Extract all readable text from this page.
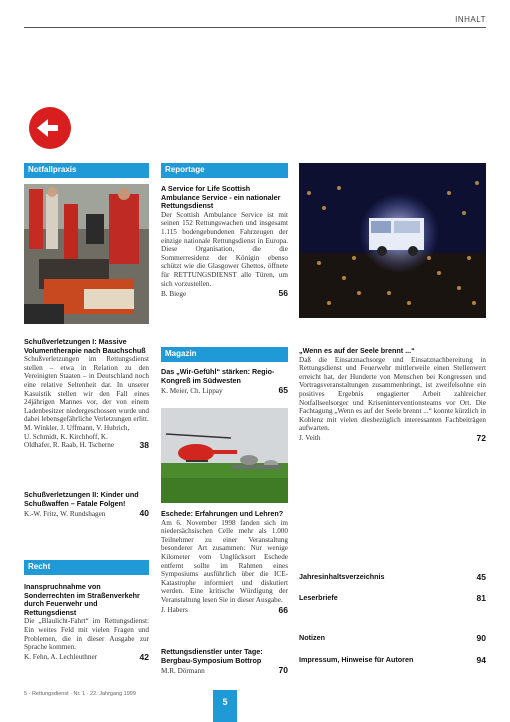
INHALT
Notfallpraxis
Schußverletzungen I: Massive Volumentherapie nach Bauchschuß
Schußverletzungen im Rettungsdienst stellen – etwa in Relation zu den Vereinigten Staaten – in Deutschland noch eine relative Seltenheit dar. In unserer Kasuistik stellen wir den Fall eines 24jährigen Mannes vor, der von einem Ladenbesitzer niedergeschossen wurde und dabei lebensgefährliche Verletzungen erlitt.
M. Winkler, J. Uffmann, V. Hubrich, U. Schmidt, K. Kirchhoff, K. Oldhafer, R. Raab, H. Tscherne	38
Schußverletzungen II: Kinder und Schußwaffen – Fatale Folgen!
K.-W. Fritz, W. Rundshagen	40
Recht
Inanspruchnahme von Sonderrechten im Straßenverkehr durch Feuerwehr und Rettungsdienst
Die „Blaulicht-Fahrt“ im Rettungsdienst: Ein weites Feld mit vielen Fragen und Problemen, die in dieser Ausgabe zur Sprache kommen.
K. Fehn, A. Lechleuthner	42
Reportage
A Service for Life Scottish Ambulance Service - ein nationaler Rettungsdienst
Der Scottish Ambulance Service ist mit seinen 152 Rettungswachen und insgesamt 1.115 bodengebundenen Fahrzeugen der einzige nationale Rettungsdienst in Europa. Diese Organisation, die die Sommerresidenz der Königin ebenso schützt wie die Glasgower Ghettos, öffnete für RETTUNGSDIENST alle Türen, um sich vorzustellen.
B. Biege	56
Magazin
Das „Wir-Gefühl“ stärken: Regio-Kongreß im Südwesten
K. Meier, Ch. Lippay	65
Eschede: Erfahrungen und Lehren?
Am 6. November 1998 fanden sich im niedersächsischen Celle mehr als 1.000 Teilnehmer zu einer Veranstaltung besonderer Art zusammen: Nur wenige Kilometer vom Unglücksort Eschede entfernt sollte im Rahmen eines Symposiums ausführlich über die ICE-Katastrophe informiert und diskutiert werden. Eine kritische Würdigung der Veranstaltung lesen Sie in dieser Ausgabe.
J. Habers	66
Rettungsdienstler unter Tage: Bergbau-Symposium Bottrop
M.R. Dörmann	70
„Wenn es auf der Seele brennt ...“
Daß die Einsatznachsorge und Einsatznachbereitung in Rettungsdienst und Feuerwehr mittlerweile einen Stellenwert erreicht hat, der Hunderte von Menschen bei Kongressen und Vortragsveranstaltungen zusammenbringt, ist zweifelsohne ein positives Ergebnis engagierter Arbeit zahlreicher Notfallseelsorger und Kriseninterventionsteams vor Ort. Die Fachtagung „Wenn es auf der Seele brennt ...“ konnte kürzlich in Koblenz mit vielen diesbezüglich interessanten Fachbeiträgen aufwarten.
J. Veith	72
Jahresinhaltsverzeichnis	45
Leserbriefe	81
Notizen	90
Impressum, Hinweise für Autoren	94
5 · Rettungsdienst · Nr. 1 · 22. Jahrgang 1999
5
